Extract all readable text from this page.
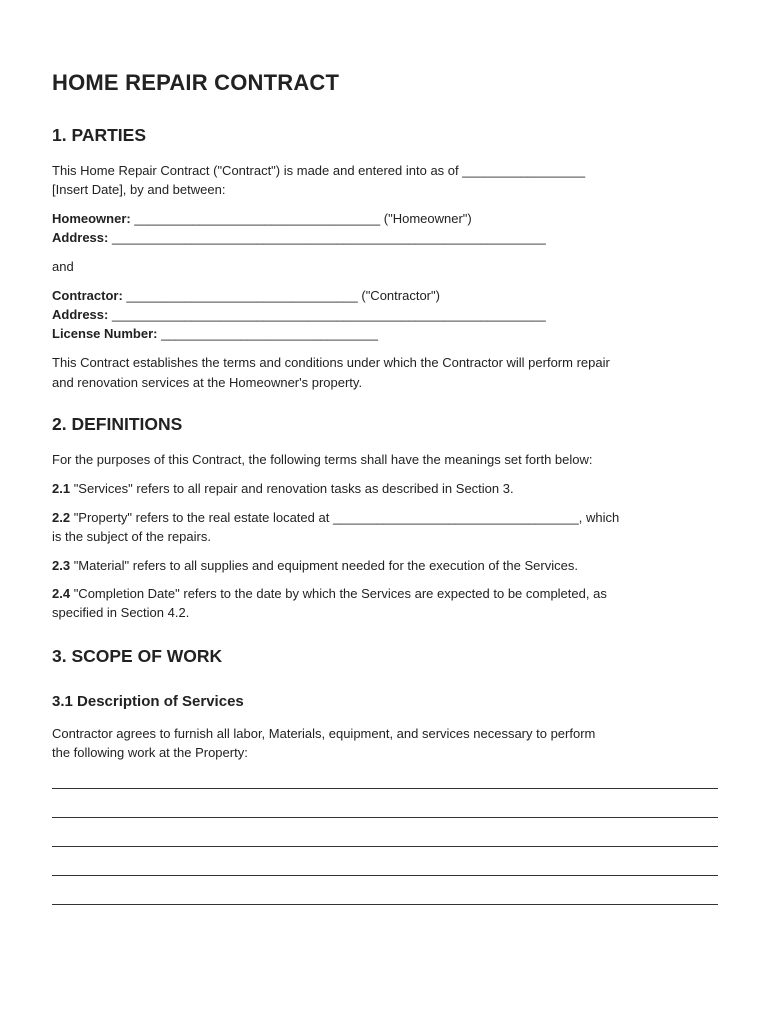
HOME REPAIR CONTRACT
1. PARTIES
This Home Repair Contract ("Contract") is made and entered into as of _________________
[Insert Date], by and between:
Homeowner: __________________________________ ("Homeowner")
Address: ____________________________________________________________
and
Contractor: ________________________________ ("Contractor")
Address: ____________________________________________________________
License Number: ______________________________
This Contract establishes the terms and conditions under which the Contractor will perform repair
and renovation services at the Homeowner's property.
2. DEFINITIONS
For the purposes of this Contract, the following terms shall have the meanings set forth below:
2.1 "Services" refers to all repair and renovation tasks as described in Section 3.
2.2 "Property" refers to the real estate located at __________________________________, which
is the subject of the repairs.
2.3 "Material" refers to all supplies and equipment needed for the execution of the Services.
2.4 "Completion Date" refers to the date by which the Services are expected to be completed, as
specified in Section 4.2.
3. SCOPE OF WORK
3.1 Description of Services
Contractor agrees to furnish all labor, Materials, equipment, and services necessary to perform
the following work at the Property:
